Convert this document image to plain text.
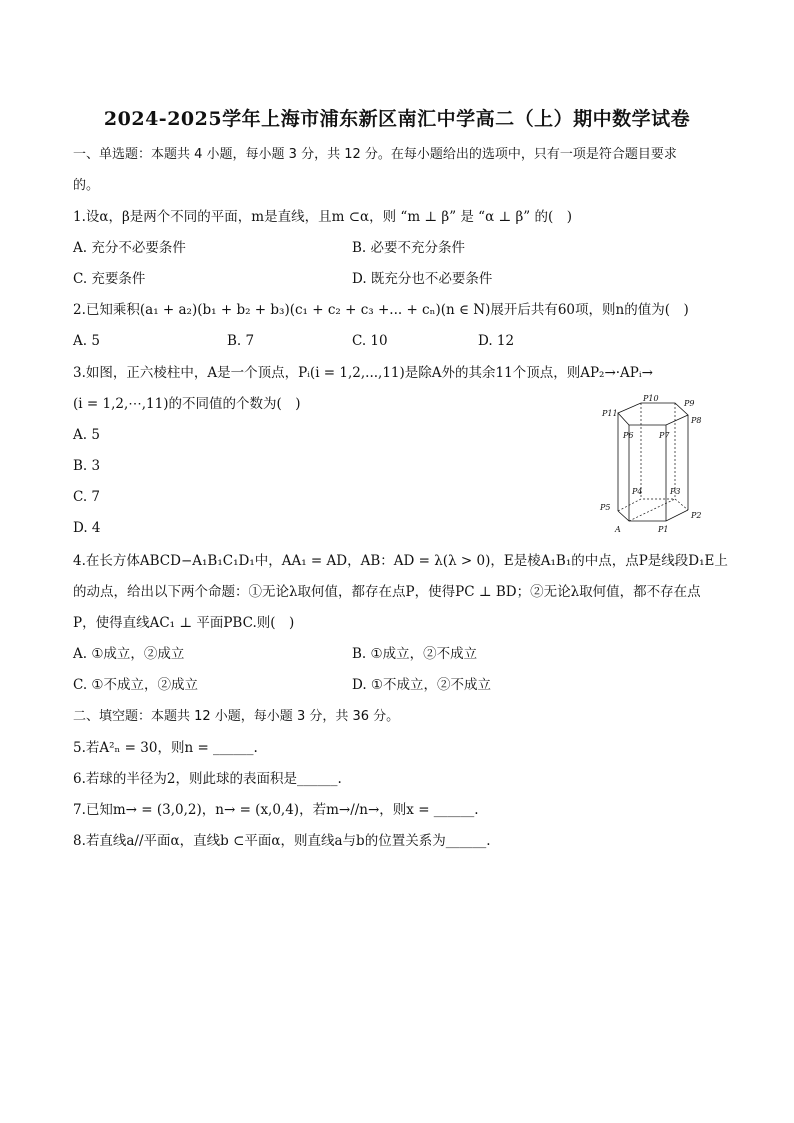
2024-2025学年上海市浦东新区南汇中学高二（上）期中数学试卷
一、单选题：本题共 4 小题，每小题 3 分，共 12 分。在每小题给出的选项中，只有一项是符合题目要求
的。
1.设α，β是两个不同的平面，m是直线，且m ⊂α，则 “m ⊥ β” 是 “α ⊥ β” 的(　)
A. 充分不必要条件	B. 必要不充分条件
C. 充要条件	D. 既充分也不必要条件
2.已知乘积(a₁ + a₂)(b₁ + b₂ + b₃)(c₁ + c₂ + c₃ +... + cₙ)(n ∈ N)展开后共有60项，则n的值为(　)
A. 5	B. 7	C. 10	D. 12
3.如图，正六棱柱中，A是一个顶点，Pᵢ(i = 1,2,...,11)是除A外的其余11个顶点，则AP₂→·APᵢ→
(i = 1,2,⋯,11)的不同值的个数为(　)
A. 5
B. 3
C. 7
D. 4
P10
P9
P11
P8
P6	P7
P4	P3
P5
P2
A	P1
4.在长方体ABCD−A₁B₁C₁D₁中，AA₁ = AD，AB：AD = λ(λ > 0)，E是棱A₁B₁的中点，点P是线段D₁E上
的动点，给出以下两个命题：①无论λ取何值，都存在点P，使得PC ⊥ BD；②无论λ取何值，都不存在点
P，使得直线AC₁ ⊥ 平面PBC.则(　)
A. ①成立，②成立	B. ①成立，②不成立
C. ①不成立，②成立	D. ①不成立，②不成立
二、填空题：本题共 12 小题，每小题 3 分，共 36 分。
5.若A²ₙ = 30，则n = ______.
6.若球的半径为2，则此球的表面积是______.
7.已知m→ = (3,0,2)，n→ = (x,0,4)，若m→//n→，则x = ______.
8.若直线a//平面α，直线b ⊂平面α，则直线a与b的位置关系为______.
